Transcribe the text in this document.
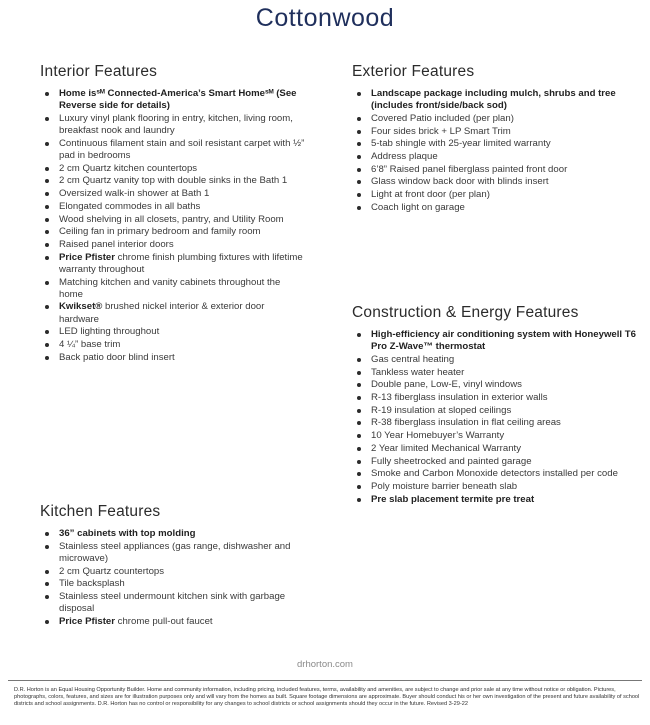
Cottonwood
Interior Features
Home isˢᴹ Connected-America’s Smart Homeˢᴹ (See Reverse side for details)
Luxury vinyl plank flooring in entry, kitchen, living room, breakfast nook and laundry
Continuous filament stain and soil resistant carpet with ½” pad in bedrooms
2 cm Quartz kitchen countertops
2 cm Quartz vanity top with double sinks in the Bath 1
Oversized walk-in shower at Bath 1
Elongated commodes in all baths
Wood shelving in all closets, pantry, and Utility Room
Ceiling fan in primary bedroom and family room
Raised panel interior doors
Price Pfister chrome finish plumbing fixtures with lifetime warranty throughout
Matching kitchen and vanity cabinets throughout the home
Kwikset® brushed nickel interior & exterior door hardware
LED lighting throughout
4 ¼” base trim
Back patio door blind insert
Kitchen Features
36” cabinets with top molding
Stainless steel appliances (gas range, dishwasher and microwave)
2 cm Quartz countertops
Tile backsplash
Stainless steel undermount kitchen sink with garbage disposal
Price Pfister chrome pull-out faucet
Exterior Features
Landscape package including mulch, shrubs and tree (includes front/side/back sod)
Covered Patio included (per plan)
Four sides brick + LP Smart Trim
5-tab shingle with 25-year limited warranty
Address plaque
6’8” Raised panel fiberglass painted front door
Glass window back door with blinds insert
Light at front door (per plan)
Coach light on garage
Construction & Energy Features
High-efficiency air conditioning system with Honeywell T6 Pro Z-Wave™ thermostat
Gas central heating
Tankless water heater
Double pane, Low-E, vinyl windows
R-13 fiberglass insulation in exterior walls
R-19 insulation at sloped ceilings
R-38 fiberglass insulation in flat ceiling areas
10 Year Homebuyer’s Warranty
2 Year limited Mechanical Warranty
Fully sheetrocked and painted garage
Smoke and Carbon Monoxide detectors installed per code
Poly moisture barrier beneath slab
Pre slab placement termite pre treat
drhorton.com
D.R. Horton is an Equal Housing Opportunity Builder. Home and community information, including pricing, included features, terms, availability and amenities, are subject to change and prior sale at any time without notice or obligation. Pictures, photographs, colors, features, and sizes are for illustration purposes only and will vary from the homes as built. Square footage dimensions are approximate. Buyer should conduct his or her own investigation of the present and future availability of school districts and school assignments. D.R. Horton has no control or responsibility for any changes to school districts or school assignments should they occur in the future. Revised 3-29-22
